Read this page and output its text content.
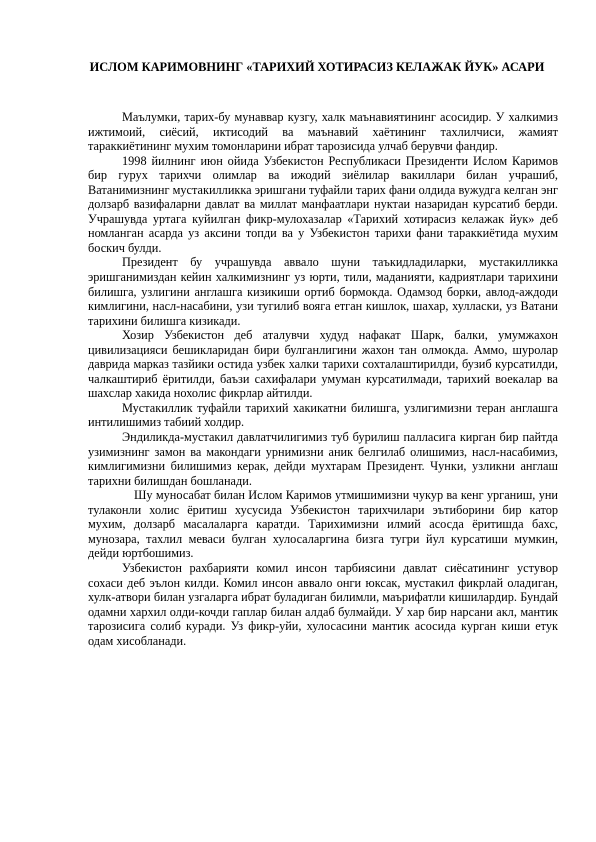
ИСЛОМ КАРИМОВНИНГ «ТАРИХИЙ ХОТИРАСИЗ КЕЛАЖАК ЙУК» АСАРИ

Маълумки, тарих-бу мунаввар кузгу, халк маънавиятининг асосидир. У халкимиз ижтимоий, сиёсий, иктисодий ва маънавий хаётининг тахлилчиси, жамият тараккиётининг мухим томонларини ибрат тарозисида улчаб берувчи фандир.

1998 йилнинг июн ойида Узбекистон Республикаси Президенти Ислом Каримов бир гурух тарихчи олимлар ва ижодий зиёлилар вакиллари билан учрашиб, Ватанимизнинг мустакилликка эришгани туфайли тарих фани олдида вужудга келган энг долзарб вазифаларни давлат ва миллат манфаатлари нуктаи назаридан курсатиб берди. Учрашувда уртага куйилган фикр-мулохазалар «Тарихий хотирасиз келажак йук» деб номланган асарда уз аксини топди ва у Узбекистон тарихи фани тараккиётида мухим боскич булди.

Президент бу учрашувда аввало шуни таъкидладиларки, мустакилликка эришганимиздан кейин халкимизнинг уз юрти, тили, маданияти, кадриятлари тарихини билишга, узлигини англашга кизикиши ортиб бормокда. Одамзод борки, авлод-аждоди кимлигини, насл-насабини, узи тугилиб вояга етган кишлок, шахар, хулласки, уз Ватани тарихини билишга кизикади.

Хозир Узбекистон деб аталувчи худуд нафакат Шарк, балки, умумжахон цивилизацияси бешикларидан бири булганлигини жахон тан олмокда. Аммо, шуролар даврида марказ тазйики остида узбек халки тарихи сохталаштирилди, бузиб курсатилди, чалкаштириб ёритилди, баъзи сахифалари умуман курсатилмади, тарихий воекалар ва шахслар хакида нохолис фикрлар айтилди.

Мустакиллик туфайли тарихий хакикатни билишга, узлигимизни теран англашга интилишимиз табиий холдир.

Эндиликда-мустакил давлатчилигимиз туб бурилиш палласига кирган бир пайтда узимизнинг замон ва макондаги урнимизни аник белгилаб олишимиз, насл-насабимиз, кимлигимизни билишимиз керак, дейди мухтарам Президент. Чунки, узликни англаш тарихни билишдан бошланади.

Шу муносабат билан Ислом Каримов утмишимизни чукур ва кенг урганиш, уни тулаконли холис ёритиш хусусида Узбекистон тарихчилари эътиборини бир катор мухим, долзарб масалаларга каратди. Тарихимизни илмий асосда ёритишда бахс, мунозара, тахлил меваси булган хулосаларгина бизга тугри йул курсатиши мумкин, дейди юртбошимиз.

Узбекистон рахбарияти комил инсон тарбиясини давлат сиёсатининг устувор сохаси деб эълон килди. Комил инсон аввало онги юксак, мустакил фикрлай оладиган, хулк-атвори билан узгаларга ибрат буладиган билимли, маърифатли кишилардир. Бундай одамни хархил олди-кочди гаплар билан алдаб булмайди. У хар бир нарсани акл, мантик тарозисига солиб куради. Уз фикр-уйи, хулосасини мантик асосида курган киши етук одам хисобланади.
